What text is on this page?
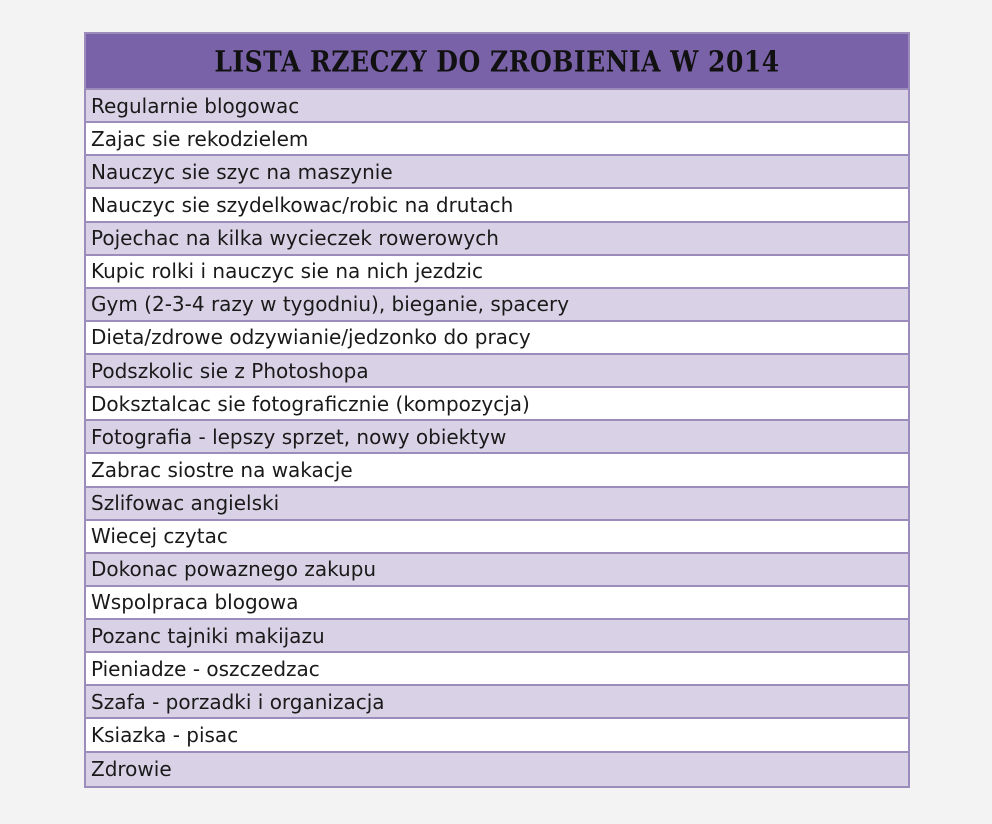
LISTA RZECZY DO ZROBIENIA W 2014
Regularnie blogowac
Zajac sie rekodzielem
Nauczyc sie szyc na maszynie
Nauczyc sie szydelkowac/robic na drutach
Pojechac na kilka wycieczek rowerowych
Kupic rolki i nauczyc sie na nich jezdzic
Gym (2-3-4 razy w tygodniu), bieganie, spacery
Dieta/zdrowe odzywianie/jedzonko do pracy
Podszkolic sie z Photoshopa
Doksztalcac sie fotograficznie (kompozycja)
Fotografia - lepszy sprzet, nowy obiektyw
Zabrac siostre na wakacje
Szlifowac angielski
Wiecej czytac
Dokonac powaznego zakupu
Wspolpraca blogowa
Pozanc tajniki makijazu
Pieniadze - oszczedzac
Szafa - porzadki i organizacja
Ksiazka - pisac
Zdrowie
